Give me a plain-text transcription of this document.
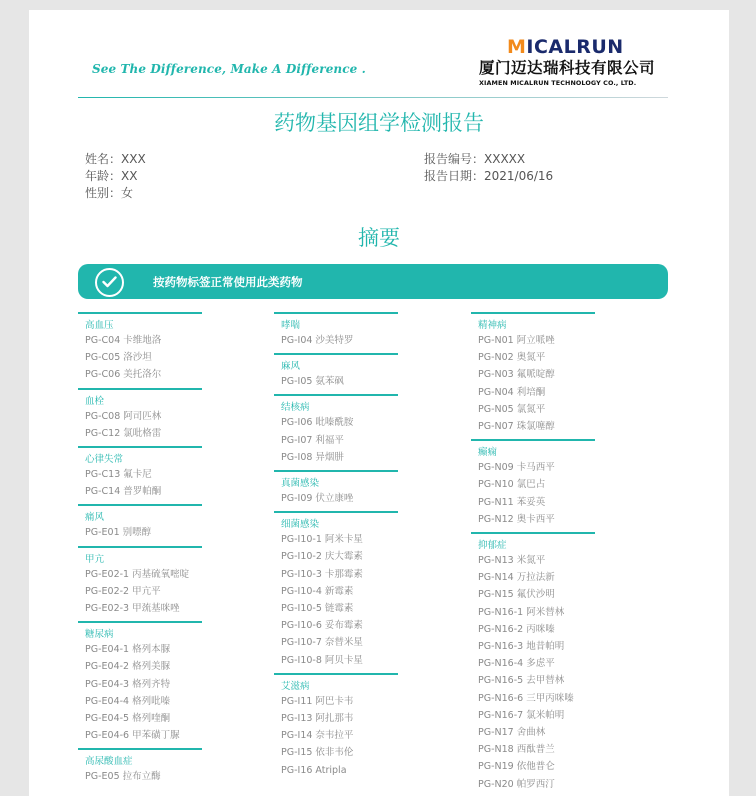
See The Difference, Make A Difference .
MICALRUN
厦门迈达瑞科技有限公司
XIAMEN MICALRUN TECHNOLOGY CO., LTD.
药物基因组学检测报告
姓名：XXX
年龄：XX
性别：女
报告编号：XXXXX
报告日期：2021/06/16
摘要
按药物标签正常使用此类药物
高血压
PG-C04 卡维地洛
PG-C05 洛沙坦
PG-C06 美托洛尔
血栓
PG-C08 阿司匹林
PG-C12 氯吡格雷
心律失常
PG-C13 氟卡尼
PG-C14 普罗帕酮
痛风
PG-E01 别嘌醇
甲亢
PG-E02-1 丙基硫氧嘧啶
PG-E02-2 甲亢平
PG-E02-3 甲巯基咪唑
糖尿病
PG-E04-1 格列本脲
PG-E04-2 格列美脲
PG-E04-3 格列齐特
PG-E04-4 格列吡嗪
PG-E04-5 格列喹酮
PG-E04-6 甲苯磺丁脲
高尿酸血症
PG-E05 拉布立酶
哮喘
PG-I04 沙美特罗
麻风
PG-I05 氨苯砜
结核病
PG-I06 吡嗪酰胺
PG-I07 利福平
PG-I08 异烟肼
真菌感染
PG-I09 伏立康唑
细菌感染
PG-I10-1 阿米卡星
PG-I10-2 庆大霉素
PG-I10-3 卡那霉素
PG-I10-4 新霉素
PG-I10-5 链霉素
PG-I10-6 妥布霉素
PG-I10-7 奈替米星
PG-I10-8 阿贝卡星
艾滋病
PG-I11 阿巴卡韦
PG-I13 阿扎那韦
PG-I14 奈韦拉平
PG-I15 依非韦伦
PG-I16 Atripla
精神病
PG-N01 阿立哌唑
PG-N02 奥氮平
PG-N03 氟哌啶醇
PG-N04 利培酮
PG-N05 氯氮平
PG-N07 珠氯噻醇
癫痫
PG-N09 卡马西平
PG-N10 氯巴占
PG-N11 苯妥英
PG-N12 奥卡西平
抑郁症
PG-N13 米氮平
PG-N14 万拉法新
PG-N15 氟伏沙明
PG-N16-1 阿米替林
PG-N16-2 丙咪嗪
PG-N16-3 地昔帕明
PG-N16-4 多虑平
PG-N16-5 去甲替林
PG-N16-6 三甲丙咪嗪
PG-N16-7 氯米帕明
PG-N17 舍曲林
PG-N18 西酞普兰
PG-N19 依他普仑
PG-N20 帕罗西汀
